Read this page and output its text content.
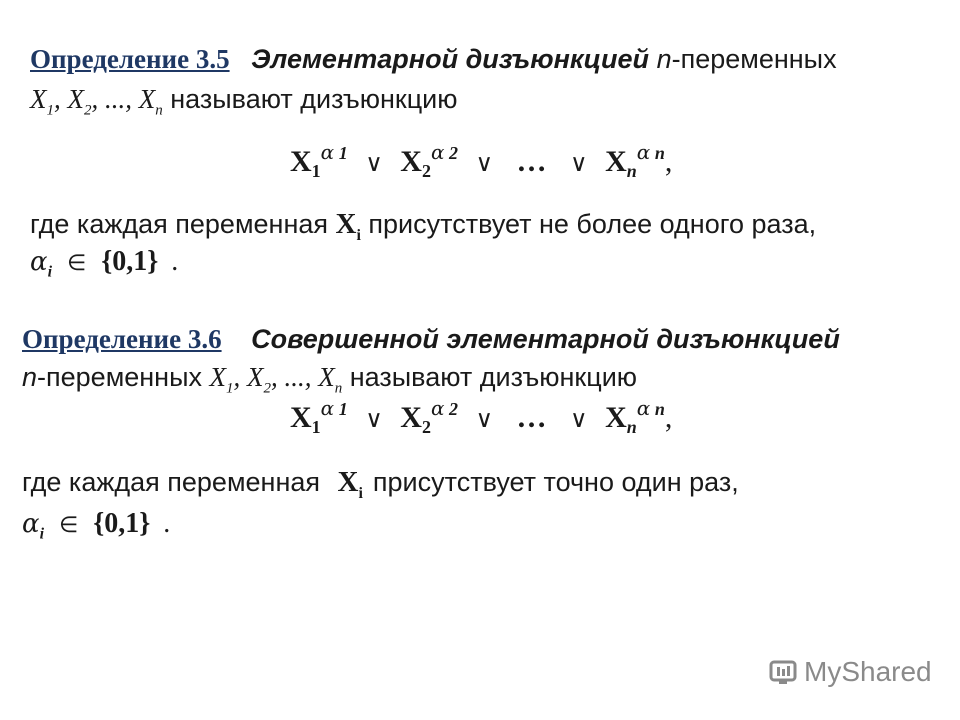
Определение 3.5 Элементарной дизъюнкцией n-переменных
$X_1$, $X_2$, ..., $X_n$ называют дизъюнкцию
$X_1^{\alpha 1}$ ∨ $X_2^{\alpha 2}$ ∨ … ∨ $X_n^{\alpha n}$,
где каждая переменная $X_i$ присутствует не более одного раза,
$\alpha_i$ ∈ {0,1} .
Определение 3.6 Совершенной элементарной дизъюнкцией
n-переменных $X_1$, $X_2$, ..., $X_n$ называют дизъюнкцию
$X_1^{\alpha 1}$ ∨ $X_2^{\alpha 2}$ ∨ … ∨ $X_n^{\alpha n}$,
где каждая переменная $X_i$ присутствует точно один раз,
$\alpha_i$ ∈ {0,1} .
MyShared
